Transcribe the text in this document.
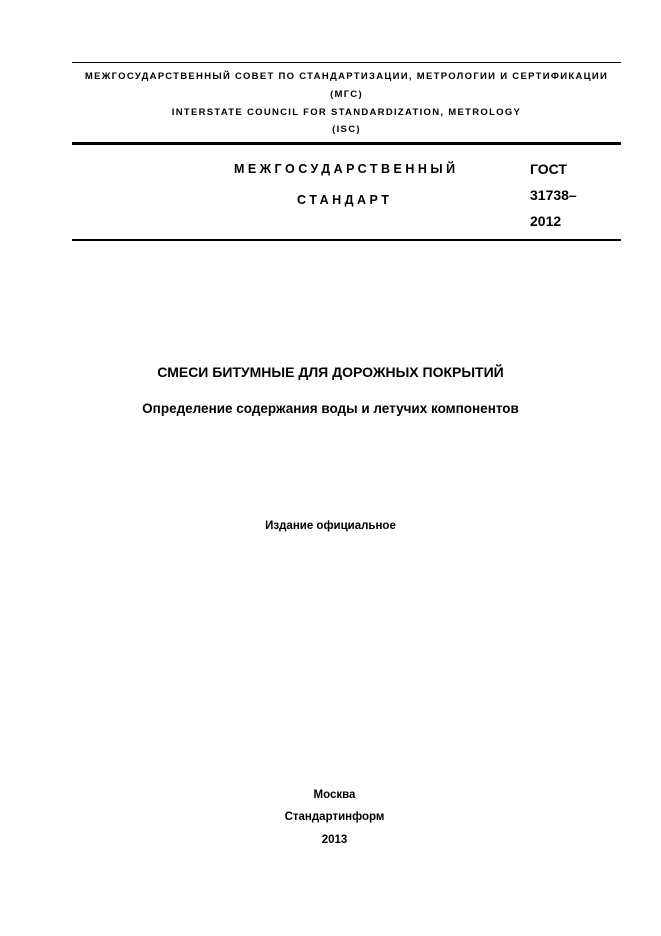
МЕЖГОСУДАРСТВЕННЫЙ СОВЕТ ПО СТАНДАРТИЗАЦИИ, МЕТРОЛОГИИ И СЕРТИФИКАЦИИ
(МГС)
INTERSTATE COUNCIL FOR STANDARDIZATION, METROLOGY
(ISC)
МЕЖГОСУДАРСТВЕННЫЙ
СТАНДАРТ
ГОСТ
31738–
2012
СМЕСИ БИТУМНЫЕ ДЛЯ ДОРОЖНЫХ ПОКРЫТИЙ
Определение содержания воды и летучих компонентов
Издание официальное
Москва
Стандартинформ
2013
